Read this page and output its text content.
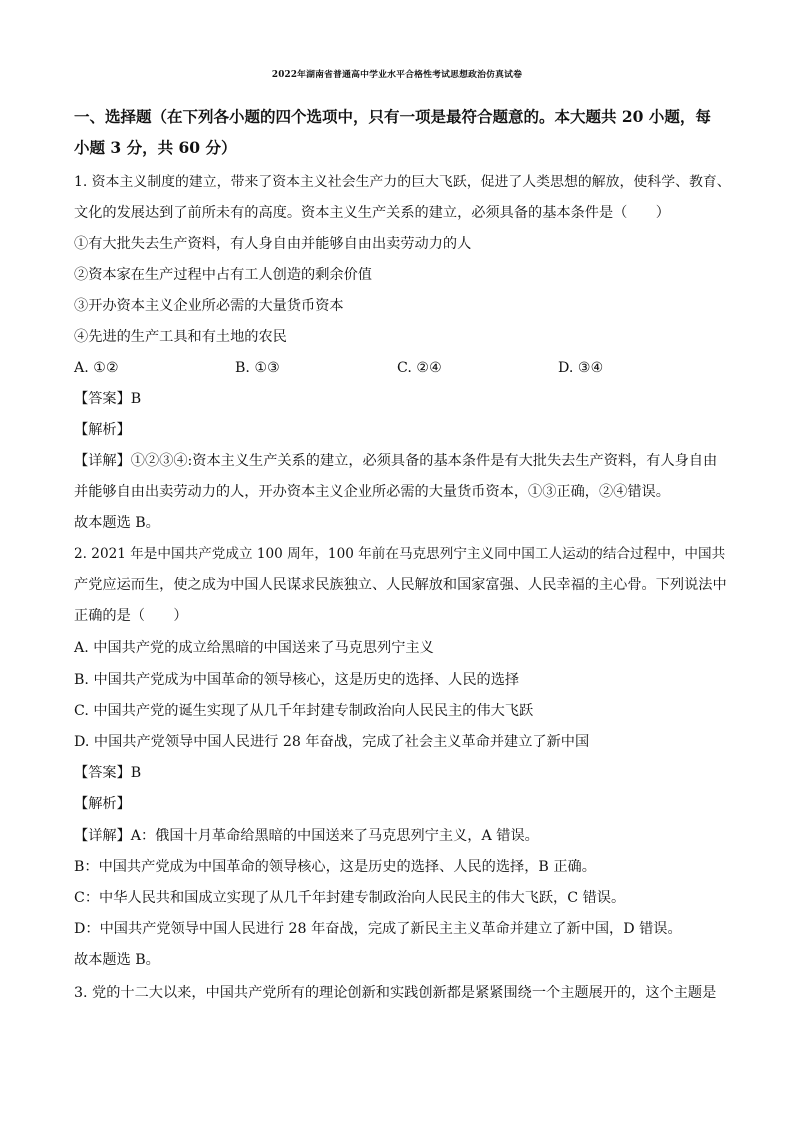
2022年湖南省普通高中学业水平合格性考试思想政治仿真试卷
一、选择题（在下列各小题的四个选项中，只有一项是最符合题意的。本大题共 20 小题，每
小题 3 分，共 60 分）
1. 资本主义制度的建立，带来了资本主义社会生产力的巨大飞跃，促进了人类思想的解放，使科学、教育、
文化的发展达到了前所未有的高度。资本主义生产关系的建立，必须具备的基本条件是（　　）
①有大批失去生产资料，有人身自由并能够自由出卖劳动力的人
②资本家在生产过程中占有工人创造的剩余价值
③开办资本主义企业所必需的大量货币资本
④先进的生产工具和有土地的农民
A. ①②	B. ①③	C. ②④	D. ③④
【答案】B
【解析】
【详解】①②③④:资本主义生产关系的建立，必须具备的基本条件是有大批失去生产资料，有人身自由
并能够自由出卖劳动力的人，开办资本主义企业所必需的大量货币资本，①③正确，②④错误。
故本题选 B。
2. 2021 年是中国共产党成立 100 周年，100 年前在马克思列宁主义同中国工人运动的结合过程中，中国共
产党应运而生，使之成为中国人民谋求民族独立、人民解放和国家富强、人民幸福的主心骨。下列说法中
正确的是（　　）
A. 中国共产党的成立给黑暗的中国送来了马克思列宁主义
B. 中国共产党成为中国革命的领导核心，这是历史的选择、人民的选择
C. 中国共产党的诞生实现了从几千年封建专制政治向人民民主的伟大飞跃
D. 中国共产党领导中国人民进行 28 年奋战，完成了社会主义革命并建立了新中国
【答案】B
【解析】
【详解】A：俄国十月革命给黑暗的中国送来了马克思列宁主义，A 错误。
B：中国共产党成为中国革命的领导核心，这是历史的选择、人民的选择，B 正确。
C：中华人民共和国成立实现了从几千年封建专制政治向人民民主的伟大飞跃，C 错误。
D：中国共产党领导中国人民进行 28 年奋战，完成了新民主主义革命并建立了新中国，D 错误。
故本题选 B。
3. 党的十二大以来，中国共产党所有的理论创新和实践创新都是紧紧围绕一个主题展开的，这个主题是
